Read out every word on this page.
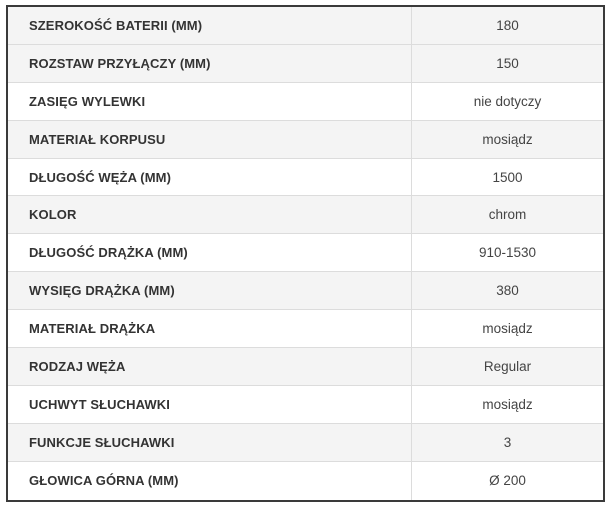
SZEROKOŚĆ BATERII (MM)	180
ROZSTAW PRZYŁĄCZY (MM)	150
ZASIĘG WYLEWKI	nie dotyczy
MATERIAŁ KORPUSU	mosiądz
DŁUGOŚĆ WĘŻA (MM)	1500
KOLOR	chrom
DŁUGOŚĆ DRĄŻKA (MM)	910-1530
WYSIĘG DRĄŻKA (MM)	380
MATERIAŁ DRĄŻKA	mosiądz
RODZAJ WĘŻA	Regular
UCHWYT SŁUCHAWKI	mosiądz
FUNKCJE SŁUCHAWKI	3
GŁOWICA GÓRNA (MM)	Ø 200
